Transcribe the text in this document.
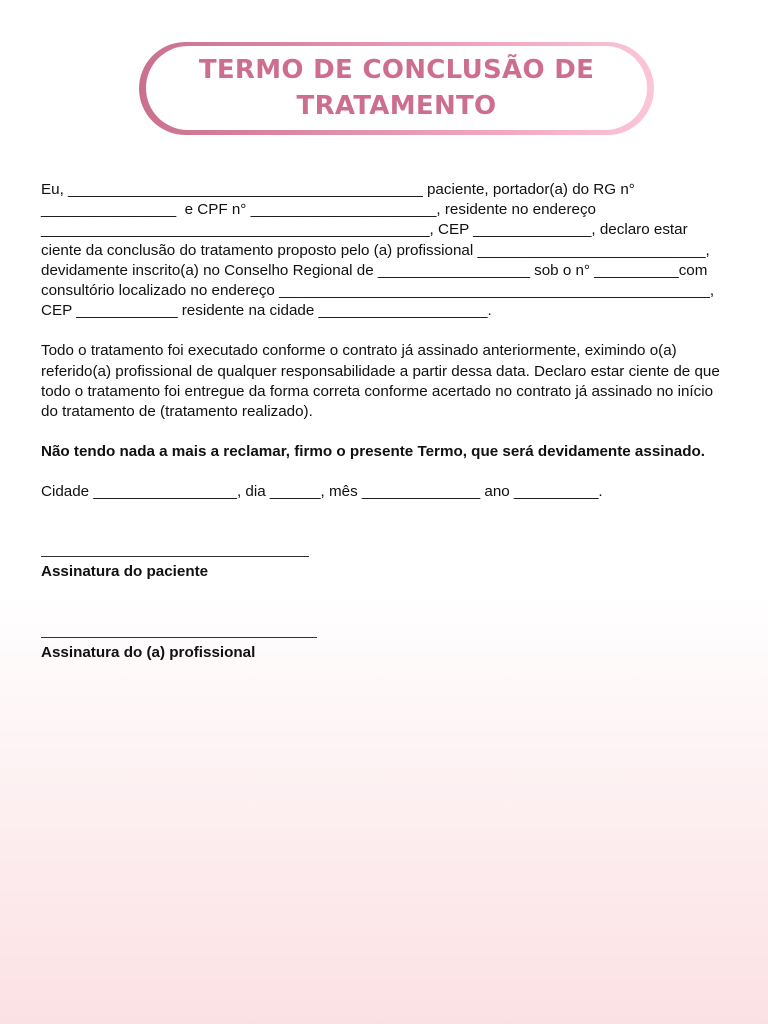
TERMO DE CONCLUSÃO DE TRATAMENTO

Eu, __________________________________________ paciente, portador(a) do RG n°
________________  e CPF n° ______________________, residente no endereço
______________________________________________, CEP ______________, declaro estar
ciente da conclusão do tratamento proposto pelo (a) profissional ___________________________,
devidamente inscrito(a) no Conselho Regional de __________________ sob o n° __________com
consultório localizado no endereço ___________________________________________________,
CEP ____________ residente na cidade ____________________.

Todo o tratamento foi executado conforme o contrato já assinado anteriormente, eximindo o(a) referido(a) profissional de qualquer responsabilidade a partir dessa data. Declaro estar ciente de que todo o tratamento foi entregue da forma correta conforme acertado no contrato já assinado no início do tratamento de (tratamento realizado).

Não tendo nada a mais a reclamar, firmo o presente Termo, que será devidamente assinado.

Cidade _________________, dia ______, mês ______________ ano __________.

Assinatura do paciente
Assinatura do (a) profissional
